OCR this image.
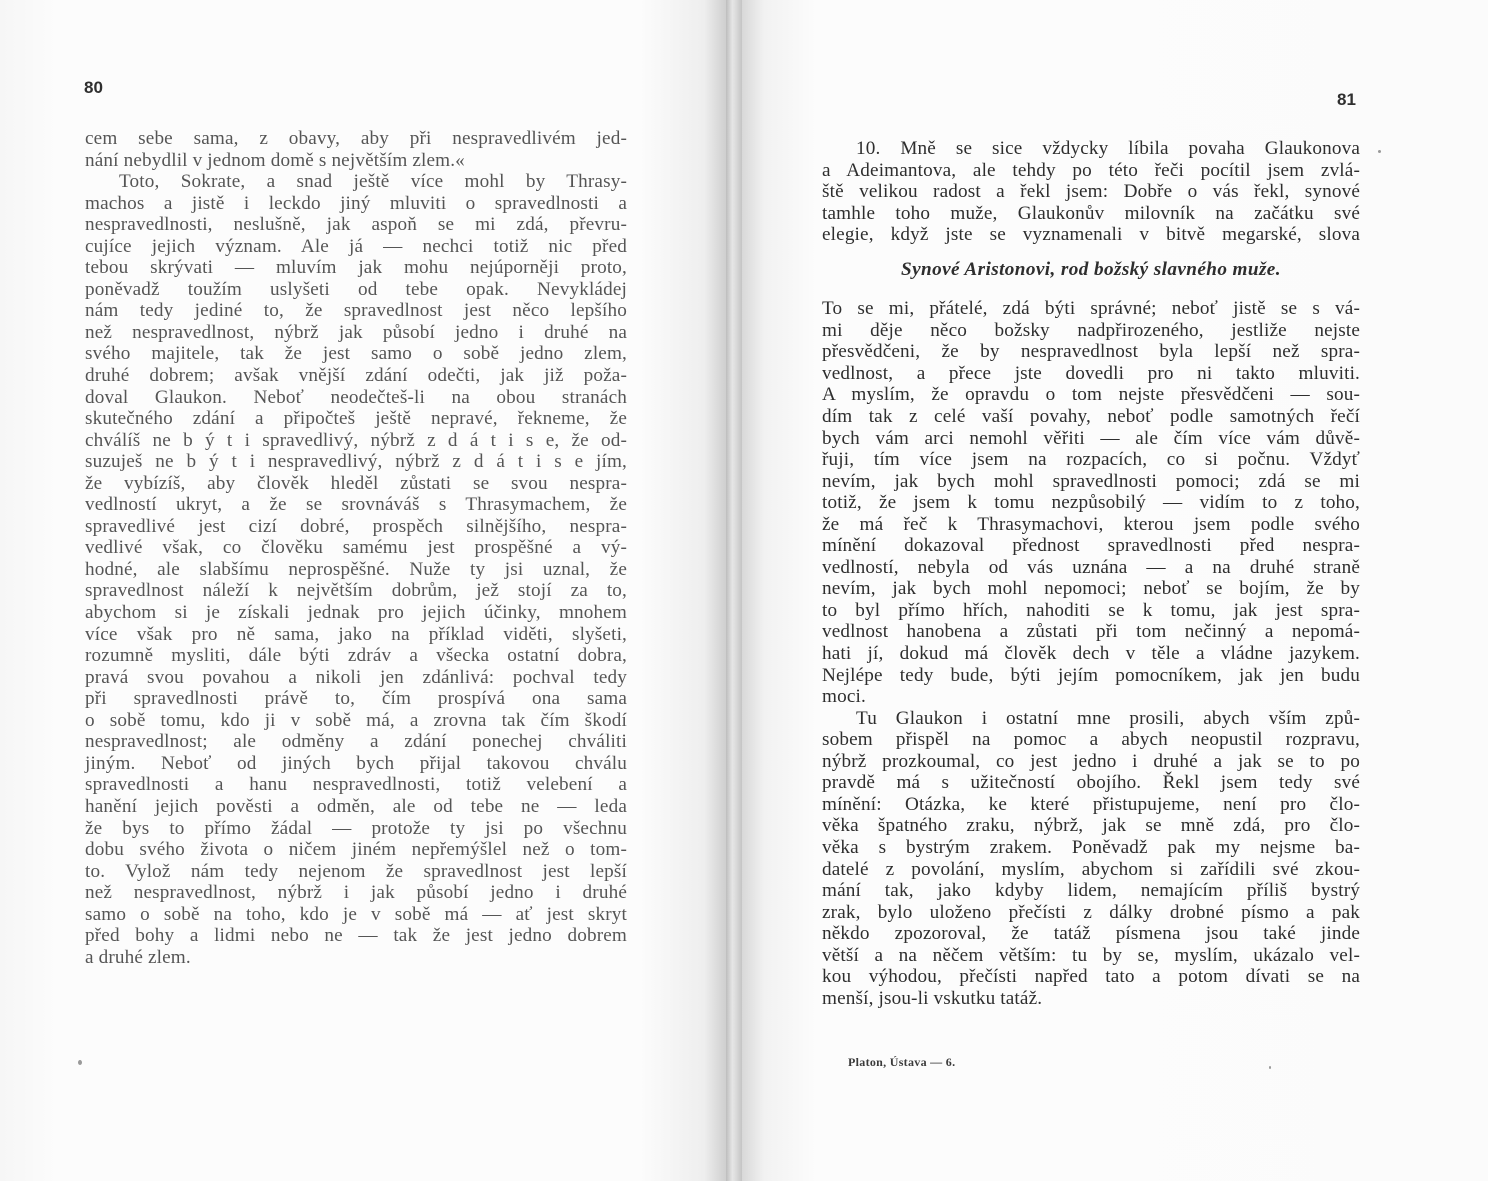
80
cem sebe sama, z obavy, aby při nespravedlivém jed-
nání nebydlil v jednom domě s největším zlem.«
Toto, Sokrate, a snad ještě více mohl by Thrasy-
machos a jistě i leckdo jiný mluviti o spravedlnosti a
nespravedlnosti, neslušně, jak aspoň se mi zdá, převru-
cujíce jejich význam. Ale já — nechci totiž nic před
tebou skrývati — mluvím jak mohu nejúporněji proto,
poněvadž toužím uslyšeti od tebe opak. Nevykládej
nám tedy jediné to, že spravedlnost jest něco lepšího
než nespravedlnost, nýbrž jak působí jedno i druhé na
svého majitele, tak že jest samo o sobě jedno zlem,
druhé dobrem; avšak vnější zdání odečti, jak již poža-
doval Glaukon. Neboť neodečteš-li na obou stranách
skutečného zdání a připočteš ještě nepravé, řekneme, že
chválíš ne b ý t i spravedlivý, nýbrž z d á t i s e, že od-
suzuješ ne b ý t i nespravedlivý, nýbrž z d á t i s e jím,
že vybízíš, aby člověk hleděl zůstati se svou nespra-
vedlností ukryt, a že se srovnáváš s Thrasymachem, že
spravedlivé jest cizí dobré, prospěch silnějšího, nespra-
vedlivé však, co člověku samému jest prospěšné a vý-
hodné, ale slabšímu neprospěšné. Nuže ty jsi uznal, že
spravedlnost náleží k největším dobrům, jež stojí za to,
abychom si je získali jednak pro jejich účinky, mnohem
více však pro ně sama, jako na příklad viděti, slyšeti,
rozumně mysliti, dále býti zdráv a všecka ostatní dobra,
pravá svou povahou a nikoli jen zdánlivá: pochval tedy
při spravedlnosti právě to, čím prospívá ona sama
o sobě tomu, kdo ji v sobě má, a zrovna tak čím škodí
nespravedlnost; ale odměny a zdání ponechej chváliti
jiným. Neboť od jiných bych přijal takovou chválu
spravedlnosti a hanu nespravedlnosti, totiž velebení a
hanění jejich pověsti a odměn, ale od tebe ne — leda
že bys to přímo žádal — protože ty jsi po všechnu
dobu svého života o ničem jiném nepřemýšlel než o tom-
to. Vylož nám tedy nejenom že spravedlnost jest lepší
než nespravedlnost, nýbrž i jak působí jedno i druhé
samo o sobě na toho, kdo je v sobě má — ať jest skryt
před bohy a lidmi nebo ne — tak že jest jedno dobrem
a druhé zlem.
81
10. Mně se sice vždycky líbila povaha Glaukonova
a Adeimantova, ale tehdy po této řeči pocítil jsem zvlá-
ště velikou radost a řekl jsem: Dobře o vás řekl, synové
tamhle toho muže, Glaukonův milovník na začátku své
elegie, když jste se vyznamenali v bitvě megarské, slova
Synové Aristonovi, rod božský slavného muže.
To se mi, přátelé, zdá býti správné; neboť jistě se s vá-
mi děje něco božsky nadpřirozeného, jestliže nejste
přesvědčeni, že by nespravedlnost byla lepší než spra-
vedlnost, a přece jste dovedli pro ni takto mluviti.
A myslím, že opravdu o tom nejste přesvědčeni — sou-
dím tak z celé vaší povahy, neboť podle samotných řečí
bych vám arci nemohl věřiti — ale čím více vám důvě-
řuji, tím více jsem na rozpacích, co si počnu. Vždyť
nevím, jak bych mohl spravedlnosti pomoci; zdá se mi
totiž, že jsem k tomu nezpůsobilý — vidím to z toho,
že má řeč k Thrasymachovi, kterou jsem podle svého
mínění dokazoval přednost spravedlnosti před nespra-
vedlností, nebyla od vás uznána — a na druhé straně
nevím, jak bych mohl nepomoci; neboť se bojím, že by
to byl přímo hřích, nahoditi se k tomu, jak jest spra-
vedlnost hanobena a zůstati při tom nečinný a nepomá-
hati jí, dokud má člověk dech v těle a vládne jazykem.
Nejlépe tedy bude, býti jejím pomocníkem, jak jen budu
moci.
Tu Glaukon i ostatní mne prosili, abych vším způ-
sobem přispěl na pomoc a abych neopustil rozpravu,
nýbrž prozkoumal, co jest jedno i druhé a jak se to po
pravdě má s užitečností obojího. Řekl jsem tedy své
mínění: Otázka, ke které přistupujeme, není pro člo-
věka špatného zraku, nýbrž, jak se mně zdá, pro člo-
věka s bystrým zrakem. Poněvadž pak my nejsme ba-
datelé z povolání, myslím, abychom si zařídili své zkou-
mání tak, jako kdyby lidem, nemajícím příliš bystrý
zrak, bylo uloženo přečísti z dálky drobné písmo a pak
někdo zpozoroval, že tatáž písmena jsou také jinde
větší a na něčem větším: tu by se, myslím, ukázalo vel-
kou výhodou, přečísti napřed tato a potom dívati se na
menší, jsou-li vskutku tatáž.
Platon, Ústava — 6.
